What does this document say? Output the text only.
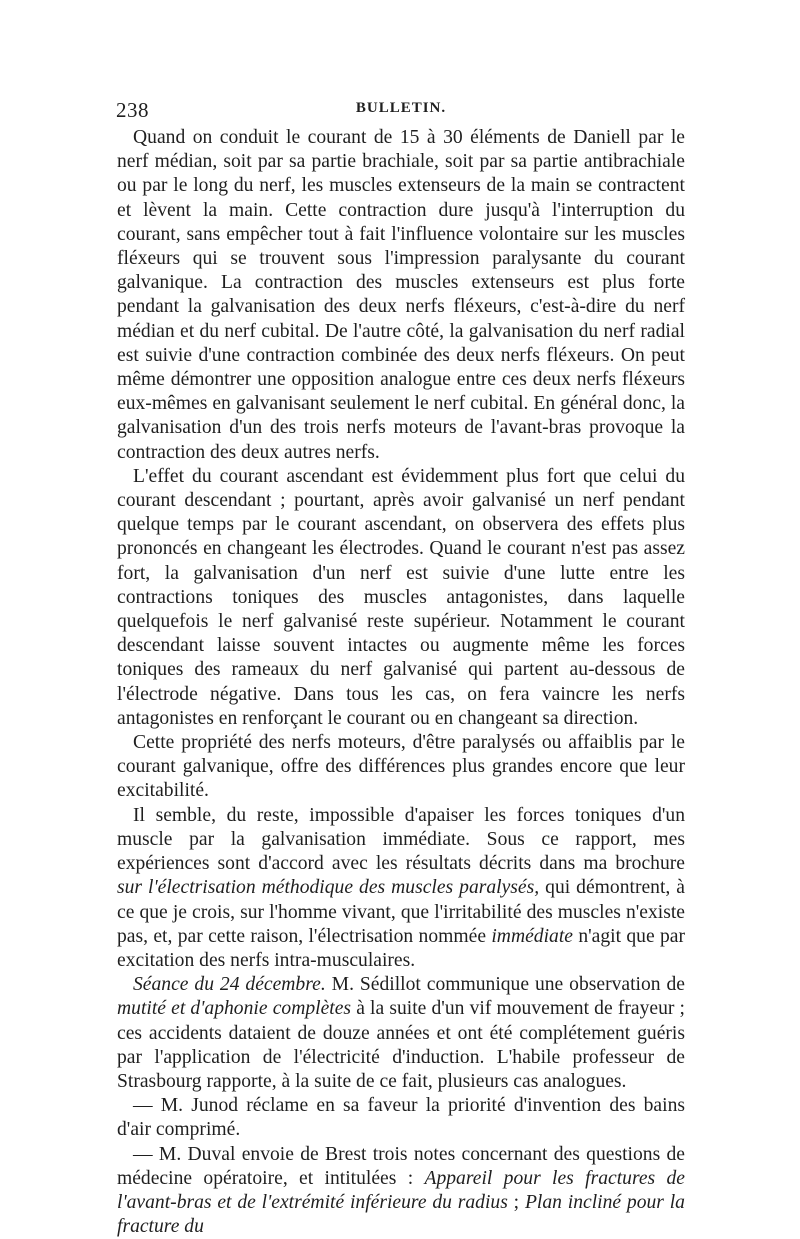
238	BULLETIN.

Quand on conduit le courant de 15 à 30 éléments de Daniell par le nerf médian, soit par sa partie brachiale, soit par sa partie antibrachiale ou par le long du nerf, les muscles extenseurs de la main se contractent et lèvent la main. Cette contraction dure jusqu'à l'interruption du courant, sans empêcher tout à fait l'influence volontaire sur les muscles fléxeurs qui se trouvent sous l'impression paralysante du courant galvanique. La contraction des muscles extenseurs est plus forte pendant la galvanisation des deux nerfs fléxeurs, c'est-à-dire du nerf médian et du nerf cubital. De l'autre côté, la galvanisation du nerf radial est suivie d'une contraction combinée des deux nerfs fléxeurs. On peut même démontrer une opposition analogue entre ces deux nerfs fléxeurs eux-mêmes en galvanisant seulement le nerf cubital. En général donc, la galvanisation d'un des trois nerfs moteurs de l'avant-bras provoque la contraction des deux autres nerfs.

L'effet du courant ascendant est évidemment plus fort que celui du courant descendant ; pourtant, après avoir galvanisé un nerf pendant quelque temps par le courant ascendant, on observera des effets plus prononcés en changeant les électrodes. Quand le courant n'est pas assez fort, la galvanisation d'un nerf est suivie d'une lutte entre les contractions toniques des muscles antagonistes, dans laquelle quelquefois le nerf galvanisé reste supérieur. Notamment le courant descendant laisse souvent intactes ou augmente même les forces toniques des rameaux du nerf galvanisé qui partent au-dessous de l'électrode négative. Dans tous les cas, on fera vaincre les nerfs antagonistes en renforçant le courant ou en changeant sa direction.

Cette propriété des nerfs moteurs, d'être paralysés ou affaiblis par le courant galvanique, offre des différences plus grandes encore que leur excitabilité.

Il semble, du reste, impossible d'apaiser les forces toniques d'un muscle par la galvanisation immédiate. Sous ce rapport, mes expériences sont d'accord avec les résultats décrits dans ma brochure sur l'électrisation méthodique des muscles paralysés, qui démontrent, à ce que je crois, sur l'homme vivant, que l'irritabilité des muscles n'existe pas, et, par cette raison, l'électrisation nommée immédiate n'agit que par excitation des nerfs intra-musculaires.

Séance du 24 décembre. M. Sédillot communique une observation de mutité et d'aphonie complètes à la suite d'un vif mouvement de frayeur ; ces accidents dataient de douze années et ont été complétement guéris par l'application de l'électricité d'induction. L'habile professeur de Strasbourg rapporte, à la suite de ce fait, plusieurs cas analogues.

— M. Junod réclame en sa faveur la priorité d'invention des bains d'air comprimé.

— M. Duval envoie de Brest trois notes concernant des questions de médecine opératoire, et intitulées : Appareil pour les fractures de l'avant-bras et de l'extrémité inférieure du radius ; Plan incliné pour la fracture du
